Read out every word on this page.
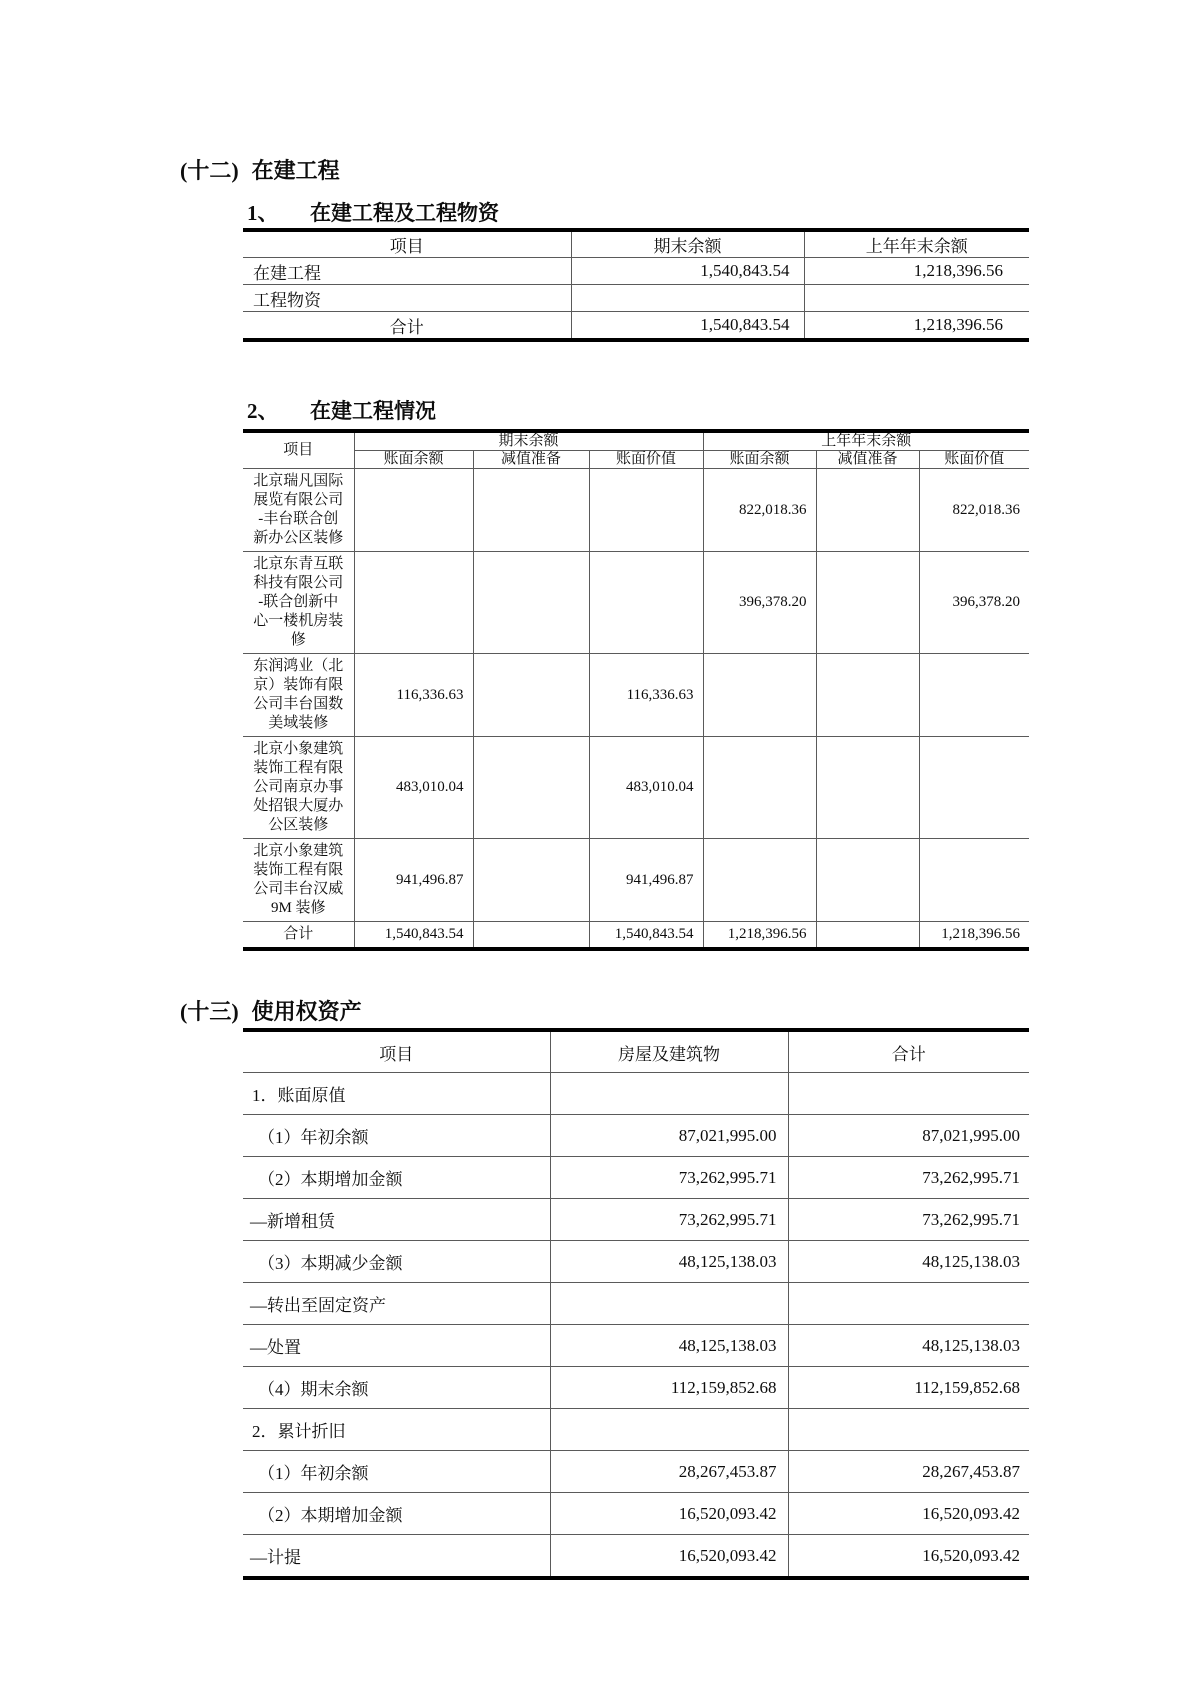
(十二) 在建工程
1、 在建工程及工程物资
项目	期末余额	上年年末余额
在建工程	1,540,843.54	1,218,396.56
工程物资		
合计	1,540,843.54	1,218,396.56
2、 在建工程情况
项目	期末余额			上年年末余额		
	账面余额	减值准备	账面价值	账面余额	减值准备	账面价值
北京瑞凡国际展览有限公司-丰台联合创新办公区装修				822,018.36		822,018.36
北京东青互联科技有限公司-联合创新中心一楼机房装修				396,378.20		396,378.20
东润鸿业（北京）装饰有限公司丰台国数美域装修	116,336.63		116,336.63			
北京小象建筑装饰工程有限公司南京办事处招银大厦办公区装修	483,010.04		483,010.04			
北京小象建筑装饰工程有限公司丰台汉威9M 装修	941,496.87		941,496.87			
合计	1,540,843.54		1,540,843.54	1,218,396.56		1,218,396.56
(十三) 使用权资产
项目	房屋及建筑物	合计
1．账面原值		
（1）年初余额	87,021,995.00	87,021,995.00
（2）本期增加金额	73,262,995.71	73,262,995.71
—新增租赁	73,262,995.71	73,262,995.71
（3）本期减少金额	48,125,138.03	48,125,138.03
—转出至固定资产		
—处置	48,125,138.03	48,125,138.03
（4）期末余额	112,159,852.68	112,159,852.68
2．累计折旧		
（1）年初余额	28,267,453.87	28,267,453.87
（2）本期增加金额	16,520,093.42	16,520,093.42
—计提	16,520,093.42	16,520,093.42
